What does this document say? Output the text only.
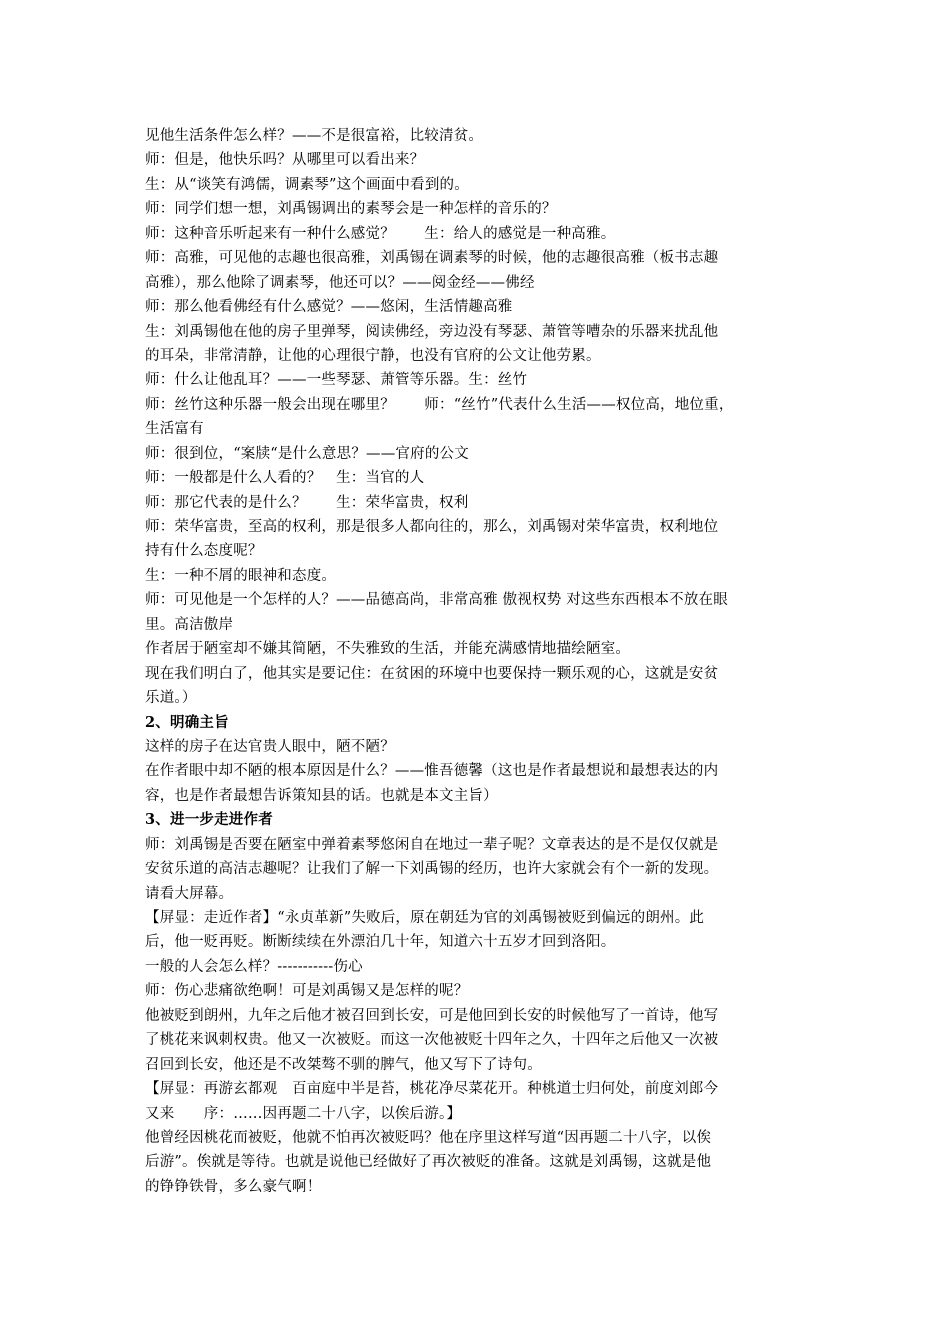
见他生活条件怎么样？——不是很富裕，比较清贫。
师：但是，他快乐吗？从哪里可以看出来？
生：从“谈笑有鸿儒，调素琴”这个画面中看到的。
师：同学们想一想，刘禹锡调出的素琴会是一种怎样的音乐的？
师：这种音乐听起来有一种什么感觉？　　生：给人的感觉是一种高雅。
师：高雅，可见他的志趣也很高雅，刘禹锡在调素琴的时候，他的志趣很高雅（板书志趣
高雅），那么他除了调素琴，他还可以？——阅金经——佛经
师：那么他看佛经有什么感觉？——悠闲，生活情趣高雅
生：刘禹锡他在他的房子里弹琴，阅读佛经，旁边没有琴瑟、萧管等嘈杂的乐器来扰乱他
的耳朵，非常清静，让他的心理很宁静，也没有官府的公文让他劳累。
师：什么让他乱耳？——一些琴瑟、萧管等乐器。生：丝竹
师：丝竹这种乐器一般会出现在哪里？　　师：“丝竹”代表什么生活——权位高，地位重，
生活富有
师：很到位，“案牍“是什么意思？——官府的公文
师：一般都是什么人看的？　生：当官的人
师：那它代表的是什么？　　生：荣华富贵，权利
师：荣华富贵，至高的权利，那是很多人都向往的，那么，刘禹锡对荣华富贵，权利地位
持有什么态度呢？
生：一种不屑的眼神和态度。
师：可见他是一个怎样的人？——品德高尚，非常高雅 傲视权势 对这些东西根本不放在眼
里。高洁傲岸
作者居于陋室却不嫌其简陋，不失雅致的生活，并能充满感情地描绘陋室。
现在我们明白了，他其实是要记住：在贫困的环境中也要保持一颗乐观的心，这就是安贫
乐道。）
2、明确主旨
这样的房子在达官贵人眼中，陋不陋？
在作者眼中却不陋的根本原因是什么？——惟吾德馨（这也是作者最想说和最想表达的内
容，也是作者最想告诉策知县的话。也就是本文主旨）
3、进一步走进作者
师：刘禹锡是否要在陋室中弹着素琴悠闲自在地过一辈子呢？文章表达的是不是仅仅就是
安贫乐道的高洁志趣呢？让我们了解一下刘禹锡的经历，也许大家就会有个一新的发现。
请看大屏幕。
【屏显：走近作者】“永贞革新”失败后，原在朝廷为官的刘禹锡被贬到偏远的朗州。此
后，他一贬再贬。断断续续在外漂泊几十年，知道六十五岁才回到洛阳。
一般的人会怎么样？-----------伤心
师：伤心悲痛欲绝啊！可是刘禹锡又是怎样的呢？
他被贬到朗州，九年之后他才被召回到长安，可是他回到长安的时候他写了一首诗，他写
了桃花来讽刺权贵。他又一次被贬。而这一次他被贬十四年之久，十四年之后他又一次被
召回到长安，他还是不改桀骜不驯的脾气，他又写下了诗句。
【屏显：再游玄都观　百亩庭中半是苔，桃花净尽菜花开。种桃道士归何处，前度刘郎今
又来　　序：……因再题二十八字，以俟后游。】
他曾经因桃花而被贬，他就不怕再次被贬吗？他在序里这样写道“因再题二十八字，以俟
后游”。俟就是等待。也就是说他已经做好了再次被贬的准备。这就是刘禹锡，这就是他
的铮铮铁骨，多么豪气啊！
